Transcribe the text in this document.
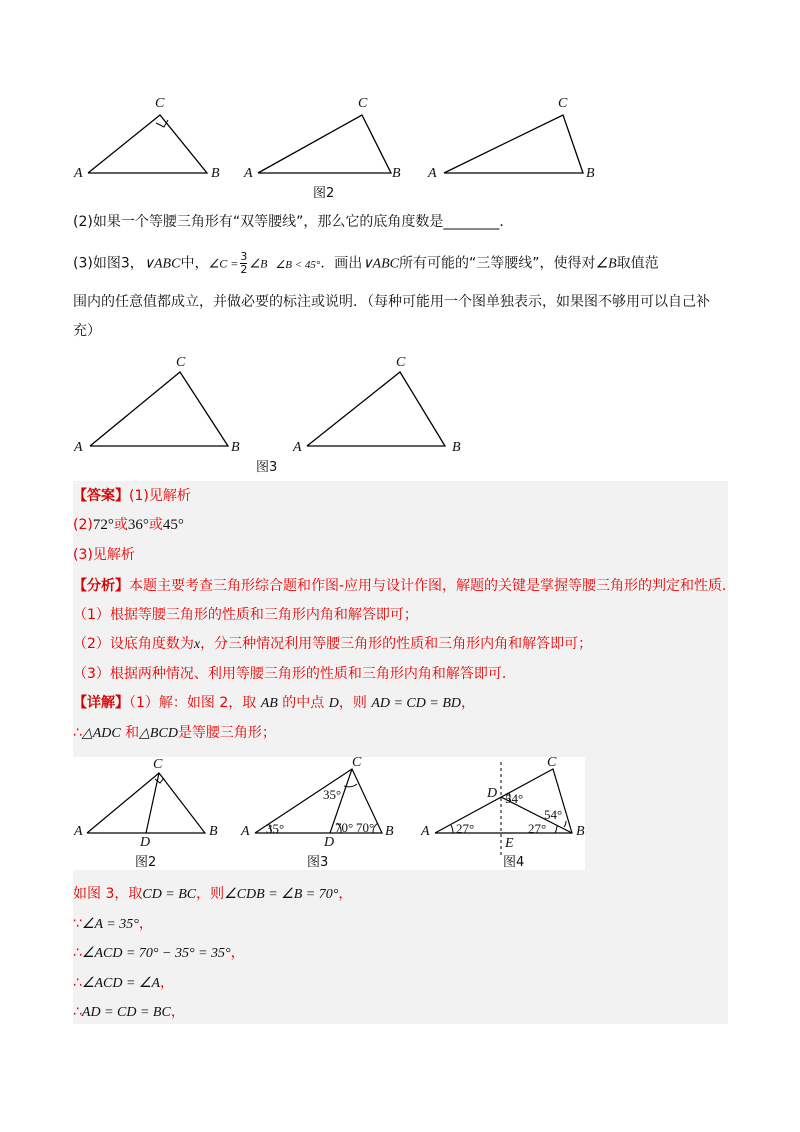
C
A	B
C
A	B
C
A	B
图2
(2)如果一个等腰三角形有“双等腰线”，那么它的底角度数是________．
(3)如图3，∨ABC中，∠C = $\frac{3}{2}$ ∠B ∠B < 45°．画出∨ABC所有可能的“三等腰线”，使得对∠B取值范
围内的任意值都成立，并做必要的标注或说明．（每种可能用一个图单独表示，如果图不够用可以自己补
充）
C
A	B
C
A	B
图3
【答案】(1)见解析
(2)72°或36°或45°
(3)见解析
【分析】本题主要考查三角形综合题和作图-应用与设计作图，解题的关键是掌握等腰三角形的判定和性质．
（1）根据等腰三角形的性质和三角形内角和解答即可；
（2）设底角度数为x，分三种情况利用等腰三角形的性质和三角形内角和解答即可；
（3）根据两种情况、利用等腰三角形的性质和三角形内角和解答即可．
【详解】（1）解：如图 2，取 AB 的中点 D，则 AD = CD = BD，
∴△ADC 和△BCD是等腰三角形；
C
A	B
D
图2
C
A	B
D
35°
35°	70° 70°
图3
C
A	B
D
E
27°	27°
54°
54°
图4
如图 3，取CD = BC，则∠CDB = ∠B = 70°，
∵∠A = 35°，
∴∠ACD = 70° − 35° = 35°，
∴∠ACD = ∠A，
∴AD = CD = BC，
